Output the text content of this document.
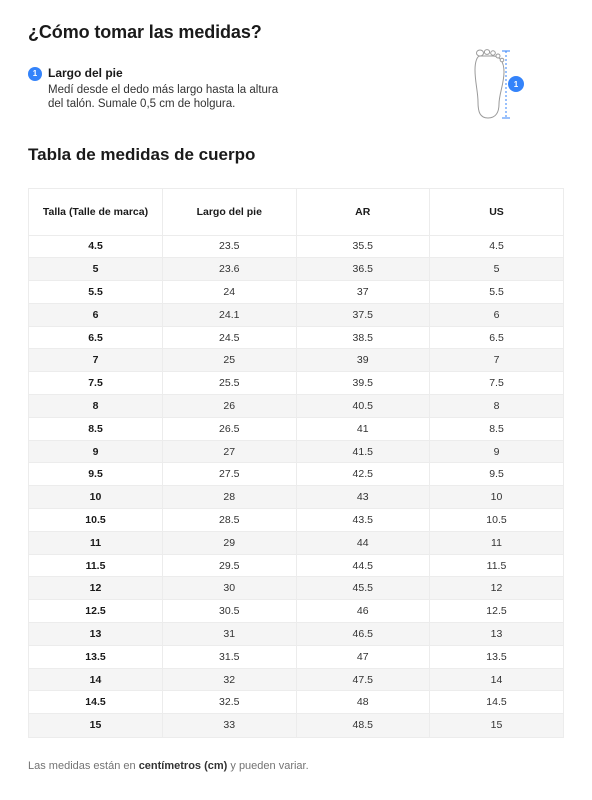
¿Cómo tomar las medidas?
1 Largo del pie
Medí desde el dedo más largo hasta la altura del talón. Sumale 0,5 cm de holgura.
1
Tabla de medidas de cuerpo
Talla (Talle de marca)	Largo del pie	AR	US
4.5	23.5	35.5	4.5
5	23.6	36.5	5
5.5	24	37	5.5
6	24.1	37.5	6
6.5	24.5	38.5	6.5
7	25	39	7
7.5	25.5	39.5	7.5
8	26	40.5	8
8.5	26.5	41	8.5
9	27	41.5	9
9.5	27.5	42.5	9.5
10	28	43	10
10.5	28.5	43.5	10.5
11	29	44	11
11.5	29.5	44.5	11.5
12	30	45.5	12
12.5	30.5	46	12.5
13	31	46.5	13
13.5	31.5	47	13.5
14	32	47.5	14
14.5	32.5	48	14.5
15	33	48.5	15

Las medidas están en centímetros (cm) y pueden variar.
